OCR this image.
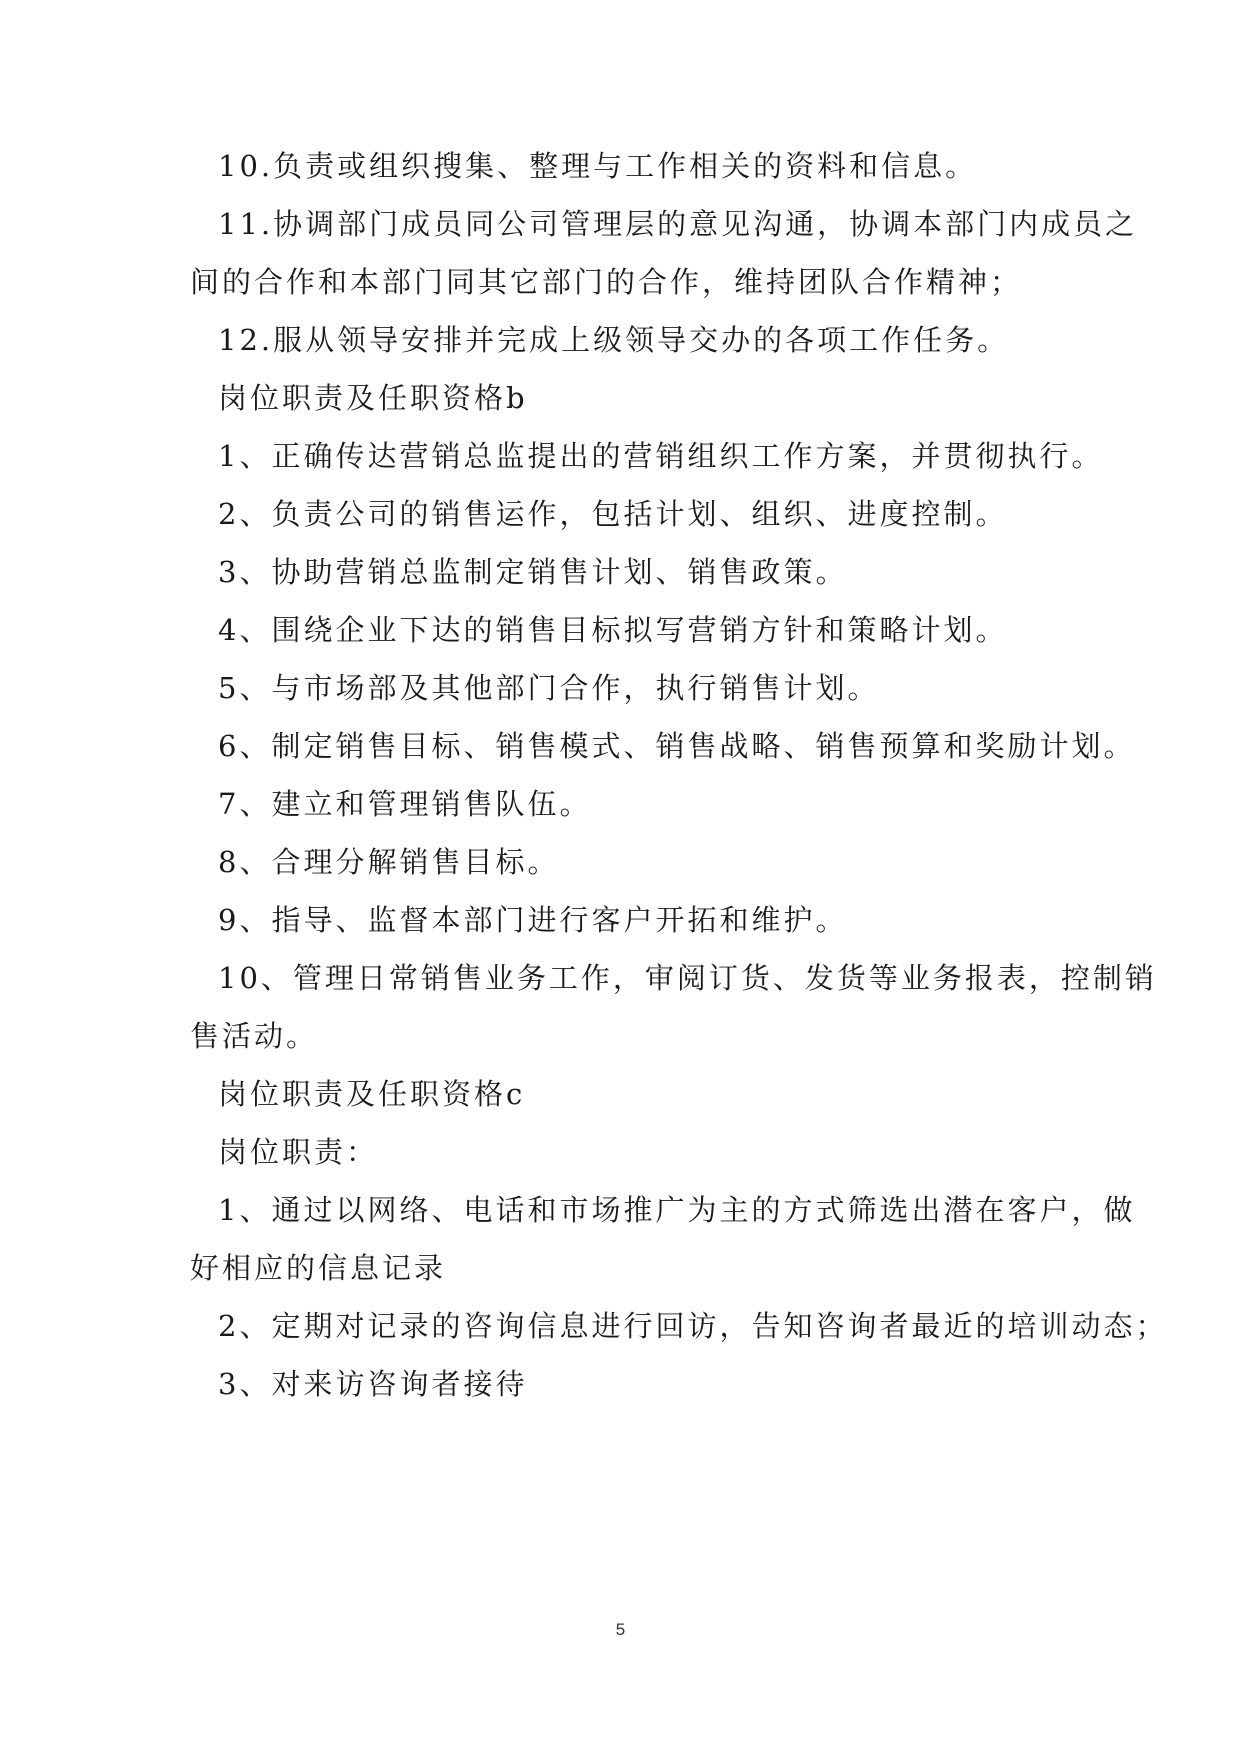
10.负责或组织搜集、整理与工作相关的资料和信息。
11.协调部门成员同公司管理层的意见沟通，协调本部门内成员之
间的合作和本部门同其它部门的合作，维持团队合作精神；
12.服从领导安排并完成上级领导交办的各项工作任务。
岗位职责及任职资格b
1、正确传达营销总监提出的营销组织工作方案，并贯彻执行。
2、负责公司的销售运作，包括计划、组织、进度控制。
3、协助营销总监制定销售计划、销售政策。
4、围绕企业下达的销售目标拟写营销方针和策略计划。
5、与市场部及其他部门合作，执行销售计划。
6、制定销售目标、销售模式、销售战略、销售预算和奖励计划。
7、建立和管理销售队伍。
8、合理分解销售目标。
9、指导、监督本部门进行客户开拓和维护。
10、管理日常销售业务工作，审阅订货、发货等业务报表，控制销
售活动。
岗位职责及任职资格c
岗位职责：
1、通过以网络、电话和市场推广为主的方式筛选出潜在客户，做
好相应的信息记录
2、定期对记录的咨询信息进行回访，告知咨询者最近的培训动态；
3、对来访咨询者接待
5
